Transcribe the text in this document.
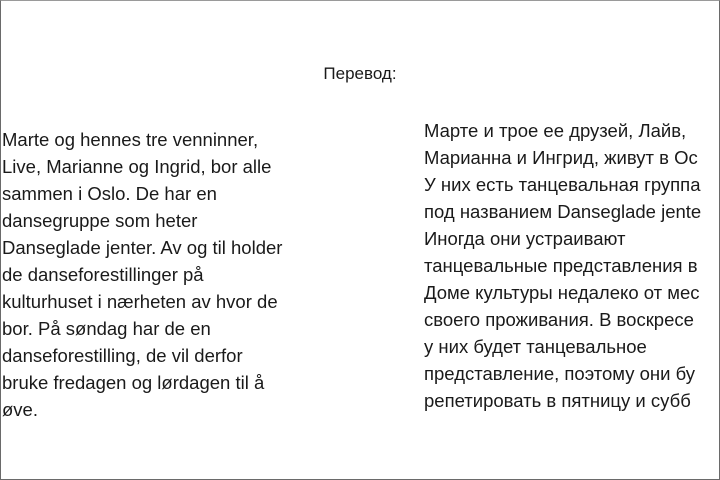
Перевод:
Marte og hennes tre venninner,
Live, Marianne og Ingrid, bor alle
sammen i Oslo. De har en
dansegruppe som heter
Danseglade jenter. Av og til holder
de danseforestillinger på
kulturhuset i nærheten av hvor de
bor. På søndag har de en
danseforestilling, de vil derfor
bruke fredagen og lørdagen til å
øve.
Марте и трое ее друзей, Лайв,
Марианна и Ингрид, живут в Ос
У них есть танцевальная группа
под названием Danseglade jente
Иногда они устраивают
танцевальные представления в
Доме культуры недалеко от мес
своего проживания. В воскресе
у них будет танцевальное
представление, поэтому они бу
репетировать в пятницу и субб
